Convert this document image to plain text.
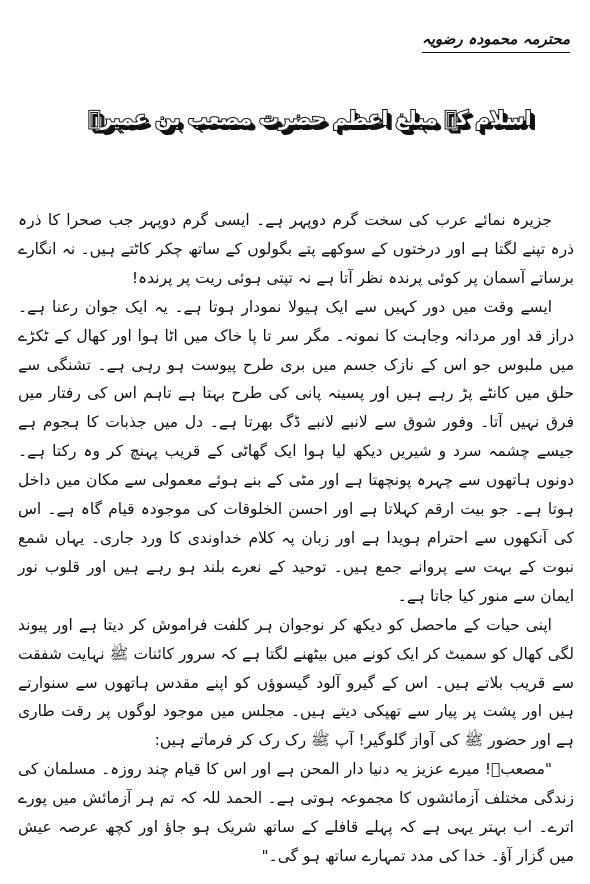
محترمہ محمودہ رضویہ
اسلام کے مبلغ اعظم حضرت مصعب بن عمیرؓ

جزیرہ نمائے عرب کی سخت گرم دوپہر ہے۔ ایسی گرم دوپہر جب صحرا کا ذرہ ذرہ تپنے لگتا ہے اور درختوں کے سوکھے پتے بگولوں کے ساتھ چکر کاٹتے ہیں۔ نہ انگارے برساتے آسمان پر کوئی پرندہ نظر آتا ہے نہ تپتی ہوئی ریت پر پرندہ!

ایسے وقت میں دور کہیں سے ایک ہیولا نمودار ہوتا ہے۔ یہ ایک جوان رعنا ہے۔ دراز قد اور مردانہ وجاہت کا نمونہ۔ مگر سر تا پا خاک میں اٹا ہوا اور کھال کے ٹکڑے میں ملبوس جو اس کے نازک جسم میں بری طرح پیوست ہو رہی ہے۔ تشنگی سے حلق میں کانٹے پڑ رہے ہیں اور پسینہ پانی کی طرح بہتا ہے تاہم اس کی رفتار میں فرق نہیں آتا۔ وفور شوق سے لانبے لانبے ڈگ بھرتا ہے۔ دل میں جذبات کا ہجوم ہے جیسے چشمہ سرد و شیریں دیکھ لیا ہوا ایک گھاٹی کے قریب پہنچ کر وہ رکتا ہے۔ دونوں ہاتھوں سے چہرہ پونچھتا ہے اور مٹی کے بنے ہوئے معمولی سے مکان میں داخل ہوتا ہے۔ جو بیت ارقم کہلاتا ہے اور احسن الخلوقات کی موجودہ قیام گاہ ہے۔ اس کی آنکھوں سے احترام ہویدا ہے اور زبان پہ کلام خداوندی کا ورد جاری۔ یہاں شمع نبوت کے بہت سے پروانے جمع ہیں۔ توحید کے نعرے بلند ہو رہے ہیں اور قلوب نور ایمان سے منور کیا جاتا ہے۔

اپنی حیات کے ماحصل کو دیکھ کر نوجوان ہر کلفت فراموش کر دیتا ہے اور پیوند لگی کھال کو سمیٹ کر ایک کونے میں بیٹھنے لگتا ہے کہ سرور کائنات ﷺ نہایت شفقت سے قریب بلاتے ہیں۔ اس کے گیرو آلود گیسوؤں کو اپنے مقدس ہاتھوں سے سنوارتے ہیں اور پشت پر پیار سے تھپکی دیتے ہیں۔ مجلس میں موجود لوگوں پر رقت طاری ہے اور حضور ﷺ کی آواز گلوگیر! آپ ﷺ رک رک کر فرماتے ہیں:

"مصعبؓ! میرے عزیز یہ دنیا دار المحن ہے اور اس کا قیام چند روزہ۔ مسلمان کی زندگی مختلف آزمائشوں کا مجموعہ ہوتی ہے۔ الحمد للہ کہ تم ہر آزمائش میں پورے اترے۔ اب بہتر یہی ہے کہ پہلے قافلے کے ساتھ شریک ہو جاؤ اور کچھ عرصہ عیش میں گزار آؤ۔ خدا کی مدد تمہارے ساتھ ہو گی۔"
